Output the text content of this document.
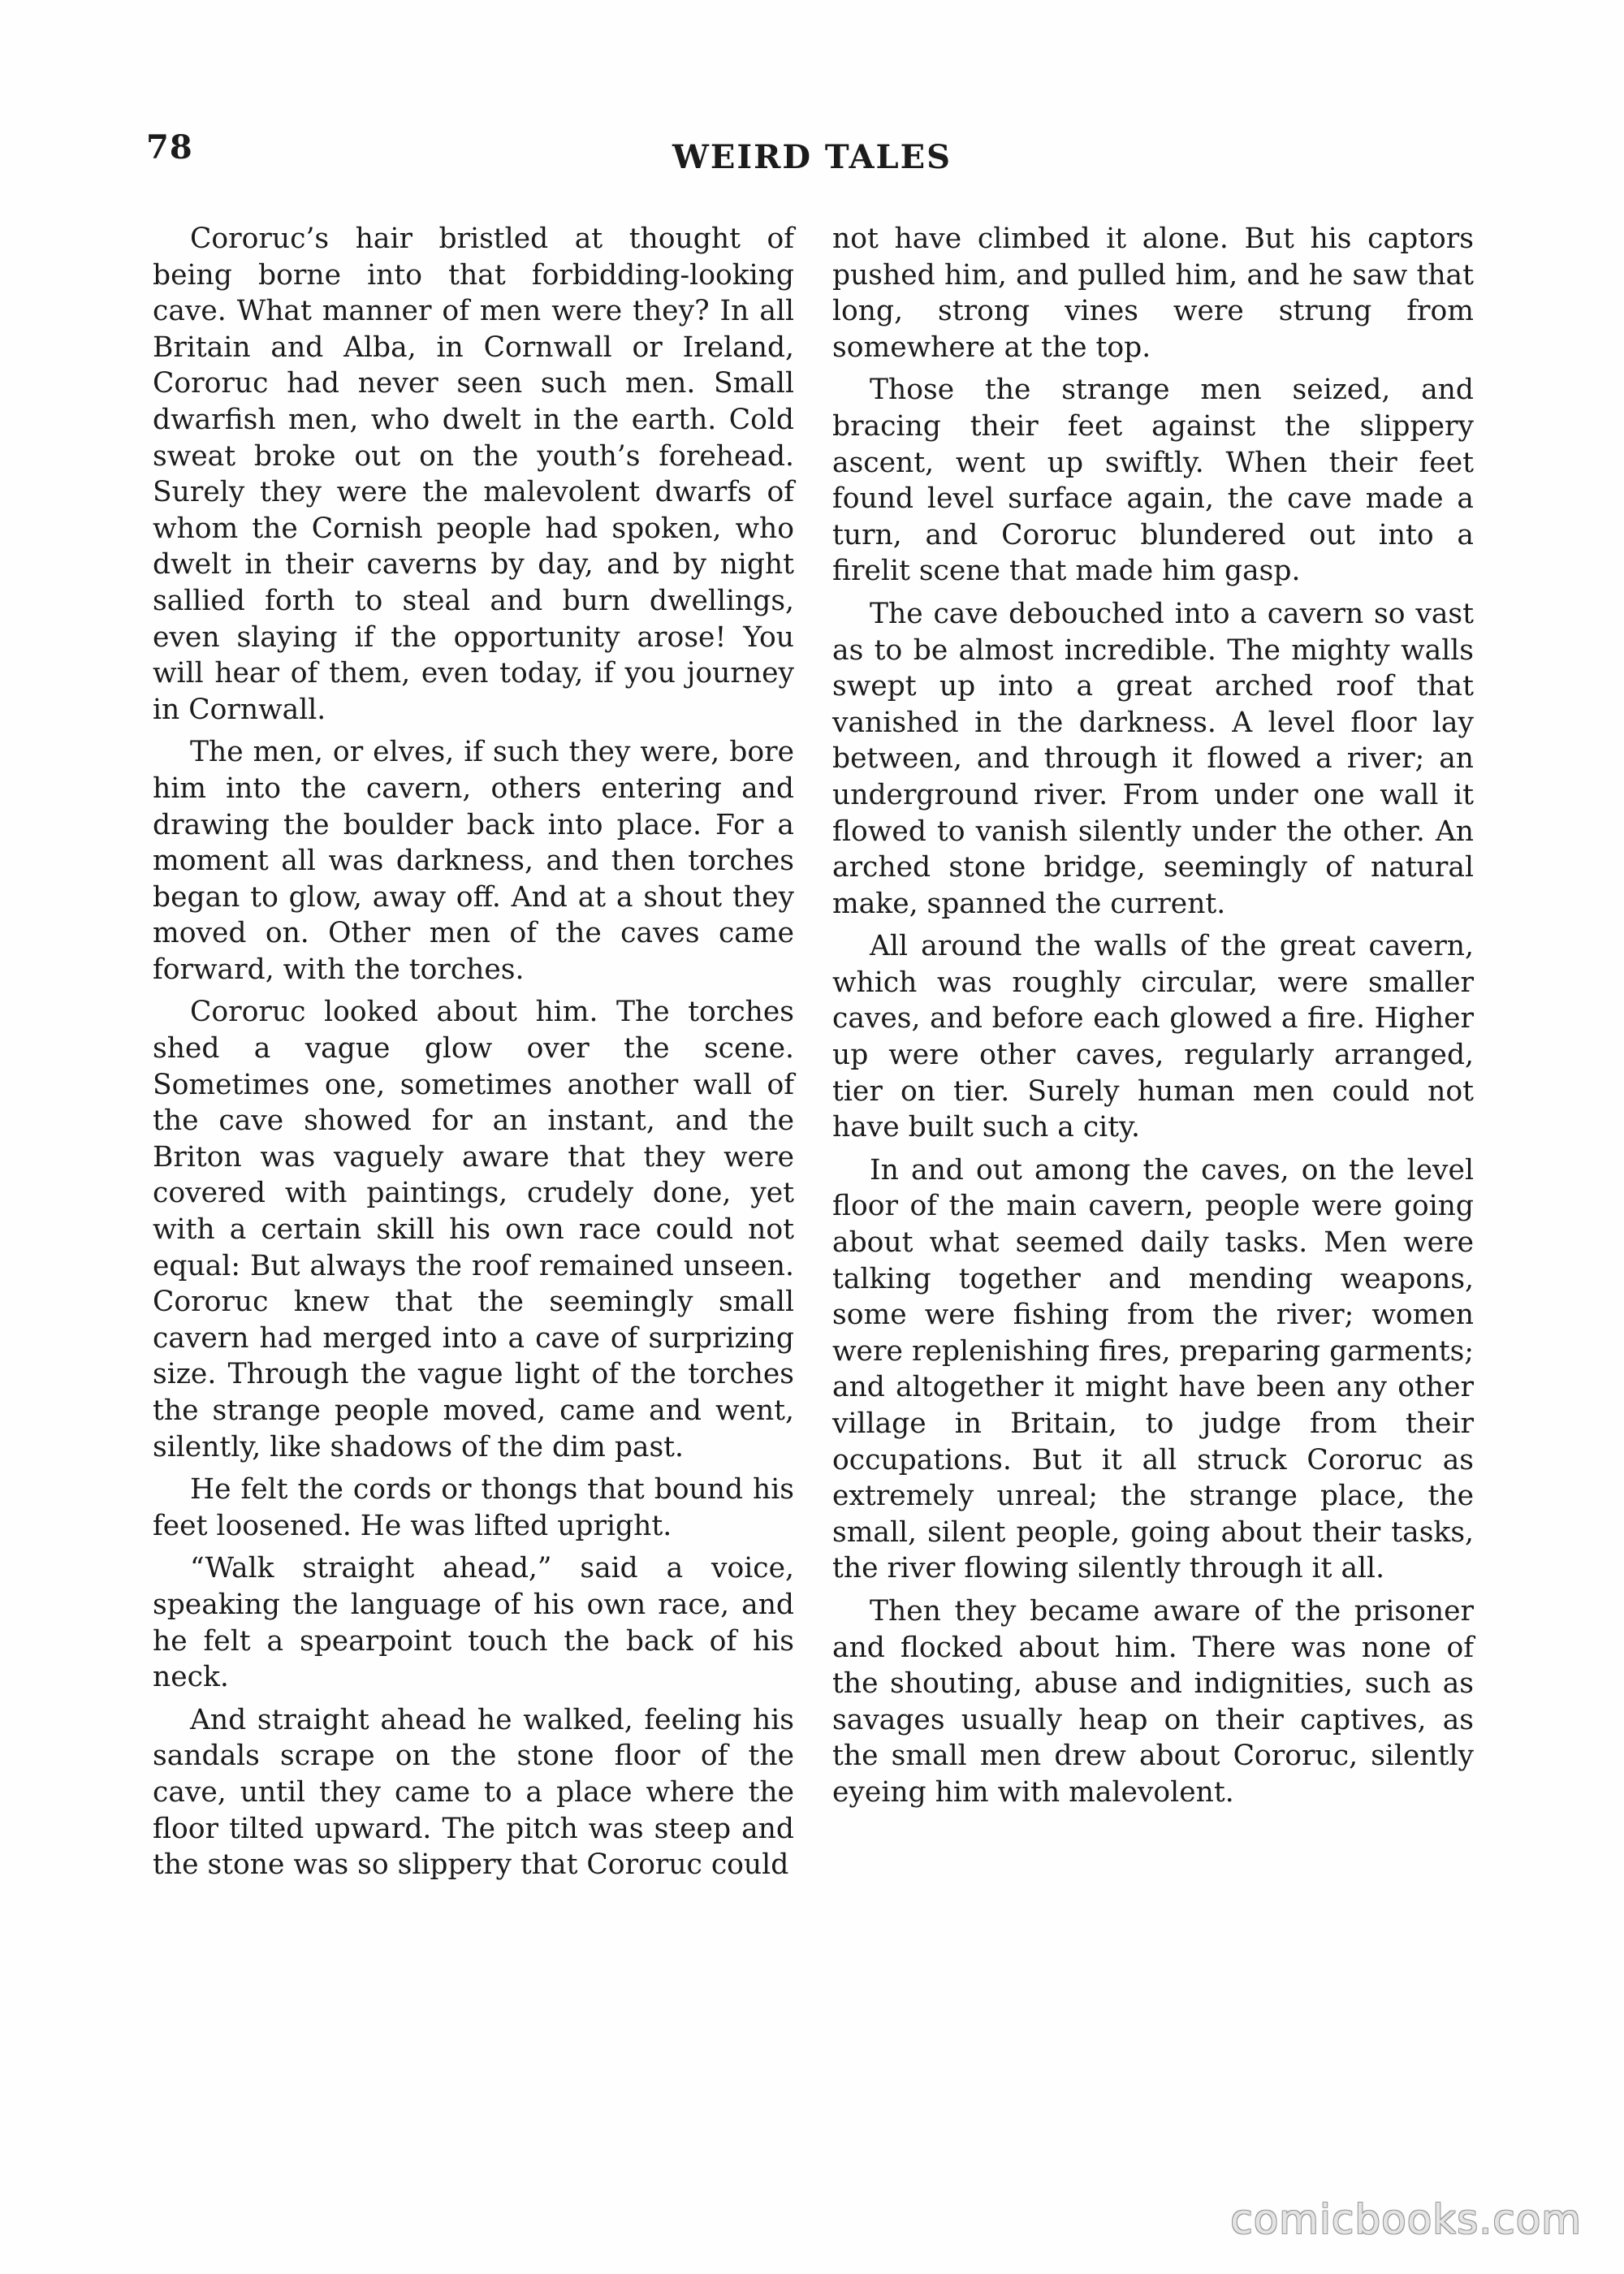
78	WEIRD TALES

Cororuc’s hair bristled at thought of being borne into that forbidding-looking cave. What manner of men were they? In all Britain and Alba, in Cornwall or Ireland, Cororuc had never seen such men. Small dwarfish men, who dwelt in the earth. Cold sweat broke out on the youth’s forehead. Surely they were the malevolent dwarfs of whom the Cornish people had spoken, who dwelt in their caverns by day, and by night sallied forth to steal and burn dwellings, even slaying if the opportunity arose! You will hear of them, even today, if you journey in Cornwall.

The men, or elves, if such they were, bore him into the cavern, others entering and drawing the boulder back into place. For a moment all was darkness, and then torches began to glow, away off. And at a shout they moved on. Other men of the caves came forward, with the torches.

Cororuc looked about him. The torches shed a vague glow over the scene. Sometimes one, sometimes another wall of the cave showed for an instant, and the Briton was vaguely aware that they were covered with paintings, crudely done, yet with a certain skill his own race could not equal: But always the roof remained unseen. Cororuc knew that the seemingly small cavern had merged into a cave of surprizing size. Through the vague light of the torches the strange people moved, came and went, silently, like shadows of the dim past.

He felt the cords or thongs that bound his feet loosened. He was lifted upright.

“Walk straight ahead,” said a voice, speaking the language of his own race, and he felt a spearpoint touch the back of his neck.

And straight ahead he walked, feeling his sandals scrape on the stone floor of the cave, until they came to a place where the floor tilted upward. The pitch was steep and the stone was so slippery that Cororuc could

not have climbed it alone. But his captors pushed him, and pulled him, and he saw that long, strong vines were strung from somewhere at the top.

Those the strange men seized, and bracing their feet against the slippery ascent, went up swiftly. When their feet found level surface again, the cave made a turn, and Cororuc blundered out into a firelit scene that made him gasp.

The cave debouched into a cavern so vast as to be almost incredible. The mighty walls swept up into a great arched roof that vanished in the darkness. A level floor lay between, and through it flowed a river; an underground river. From under one wall it flowed to vanish silently under the other. An arched stone bridge, seemingly of natural make, spanned the current.

All around the walls of the great cavern, which was roughly circular, were smaller caves, and before each glowed a fire. Higher up were other caves, regularly arranged, tier on tier. Surely human men could not have built such a city.

In and out among the caves, on the level floor of the main cavern, people were going about what seemed daily tasks. Men were talking together and mending weapons, some were fishing from the river; women were replenishing fires, preparing garments; and altogether it might have been any other village in Britain, to judge from their occupations. But it all struck Cororuc as extremely unreal; the strange place, the small, silent people, going about their tasks, the river flowing silently through it all.

Then they became aware of the prisoner and flocked about him. There was none of the shouting, abuse and indignities, such as savages usually heap on their captives, as the small men drew about Cororuc, silently eyeing him with malevolent.

comicbooks.com
